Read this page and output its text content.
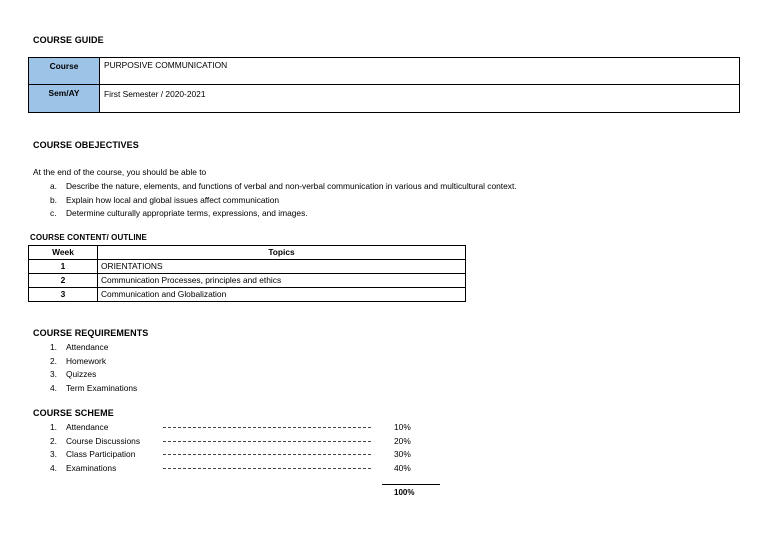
COURSE GUIDE
Course	PURPOSIVE COMMUNICATION
Sem/AY	First Semester / 2020-2021
COURSE OBEJECTIVES
At the end of the course, you should be able to
a. Describe the nature, elements, and functions of verbal and non-verbal communication in various and multicultural context.
b. Explain how local and global issues affect communication
c. Determine culturally appropriate terms, expressions, and images.
COURSE CONTENT/ OUTLINE
Week	Topics
1	ORIENTATIONS
2	Communication Processes, principles and ethics
3	Communication and Globalization
COURSE REQUIREMENTS
1. Attendance
2. Homework
3. Quizzes
4. Term Examinations
COURSE SCHEME
1. Attendance	10%
2. Course Discussions	20%
3. Class Participation	30%
4. Examinations	40%
100%
